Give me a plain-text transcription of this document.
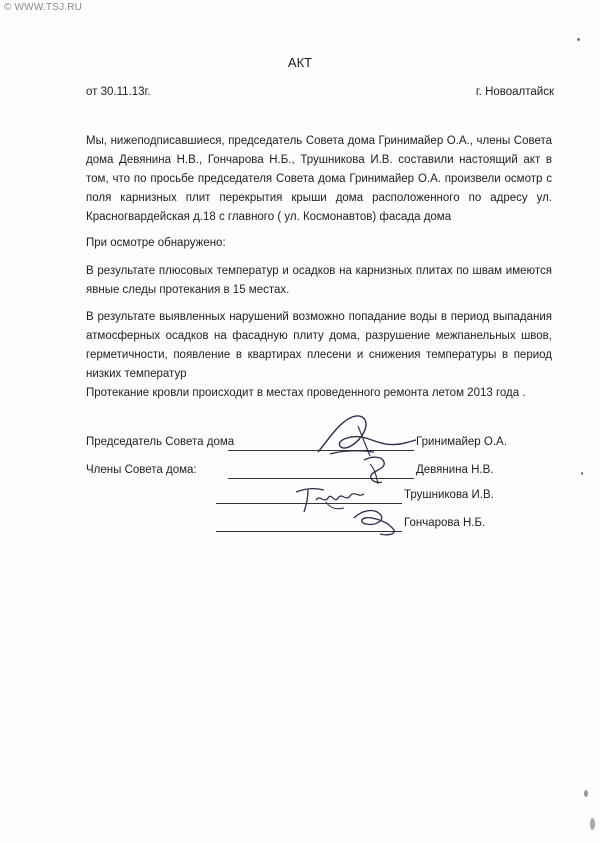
© WWW.TSJ.RU
АКТ
от 30.11.13г.	г. Новоалтайск
Мы, нижеподписавшиеся, председатель Совета дома Гринимайер О.А., члены Совета дома Девянина Н.В., Гончарова Н.Б., Трушникова И.В. составили настоящий акт в том, что по просьбе председателя Совета дома Гринимайер О.А. произвели осмотр с поля карнизных плит перекрытия крыши дома расположенного по адресу ул. Красногвардейская д.18 с главного ( ул. Космонавтов) фасада дома
При осмотре обнаружено:
В результате плюсовых температур и осадков на карнизных плитах по швам имеются явные следы протекания в 15 местах.
В результате выявленных нарушений возможно попадание воды в период выпадания атмосферных осадков на фасадную плиту дома, разрушение межпанельных швов, герметичности, появление в квартирах плесени и снижения температуры в период низких температур
Протекание кровли происходит в местах проведенного ремонта летом 2013 года .
Председатель Совета дома	Гринимайер О.А.
Члены Совета дома:	Девянина Н.В.
Трушникова И.В.
Гончарова Н.Б.
